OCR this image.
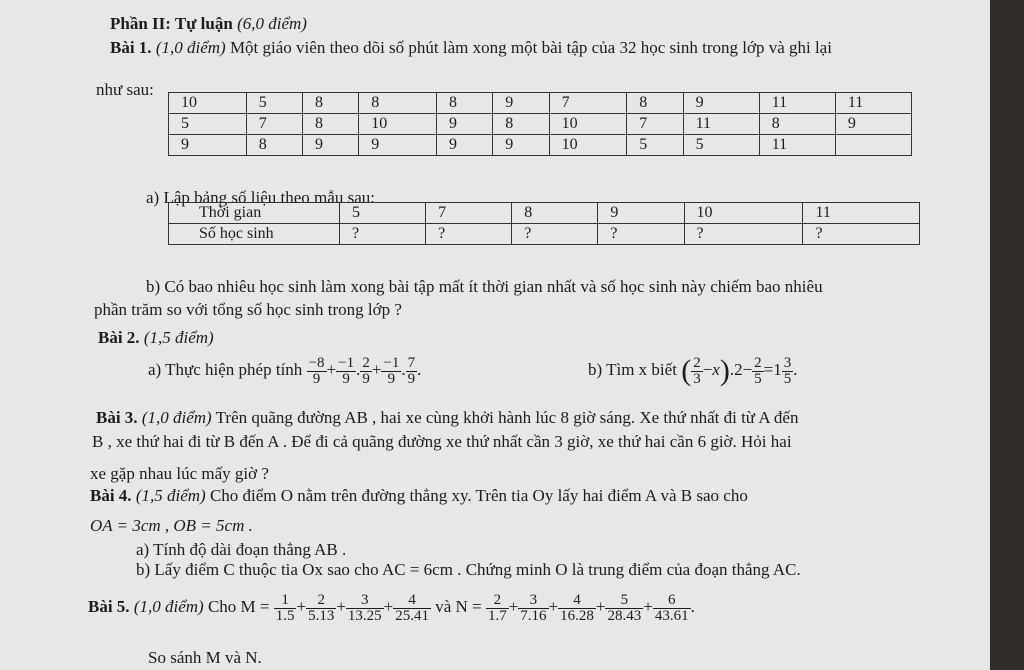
Phần II: Tự luận (6,0 điểm)
Bài 1. (1,0 điểm) Một giáo viên theo dõi số phút làm xong một bài tập của 32 học sinh trong lớp và ghi lại
như sau:
10	5	8	8	8	9	7	8	9	11	11
5	7	8	10	9	8	10	7	11	8	9
9	8	9	9	9	9	10	5	5	11	
a) Lập bảng số liệu theo mẫu sau:
Thời gian	5	7	8	9	10	11
Số học sinh	?	?	?	?	?	?
b) Có bao nhiêu học sinh làm xong bài tập mất ít thời gian nhất và số học sinh này chiếm bao nhiêu
phần trăm so với tổng số học sinh trong lớp ?
Bài 2. (1,5 điểm)
a) Thực hiện phép tính $\frac{-8}{9} + \frac{-1}{9}$ . $\frac{2}{9} + \frac{-1}{9}$ . $\frac{7}{9}$ .	b) Tìm x biết ( $\frac{2}{3} -x).2- \frac{2}{5} =1 \frac{3}{5}$ .
Bài 3. (1,0 điểm) Trên quãng đường AB , hai xe cùng khởi hành lúc 8 giờ sáng. Xe thứ nhất đi từ A đến
B , xe thứ hai đi từ B đến A . Để đi cả quãng đường xe thứ nhất cần 3 giờ, xe thứ hai cần 6 giờ. Hỏi hai
xe gặp nhau lúc mấy giờ ?
Bài 4. (1,5 điểm) Cho điểm O nằm trên đường thẳng xy. Trên tia Oy lấy hai điểm A và B sao cho
OA = 3cm , OB = 5cm .
a) Tính độ dài đoạn thẳng AB .
b) Lấy điểm C thuộc tia Ox sao cho AC = 6cm . Chứng minh O là trung điểm của đoạn thẳng AC.
Bài 5. (1,0 điểm) Cho $M = \frac{1}{1.5} + \frac{2}{5.13} + \frac{3}{13.25} + \frac{4}{25.41}$ và $N = \frac{2}{1.7} + \frac{3}{7.16} + \frac{4}{16.28} + \frac{5}{28.43} + \frac{6}{43.61}$ .
So sánh M và N.
